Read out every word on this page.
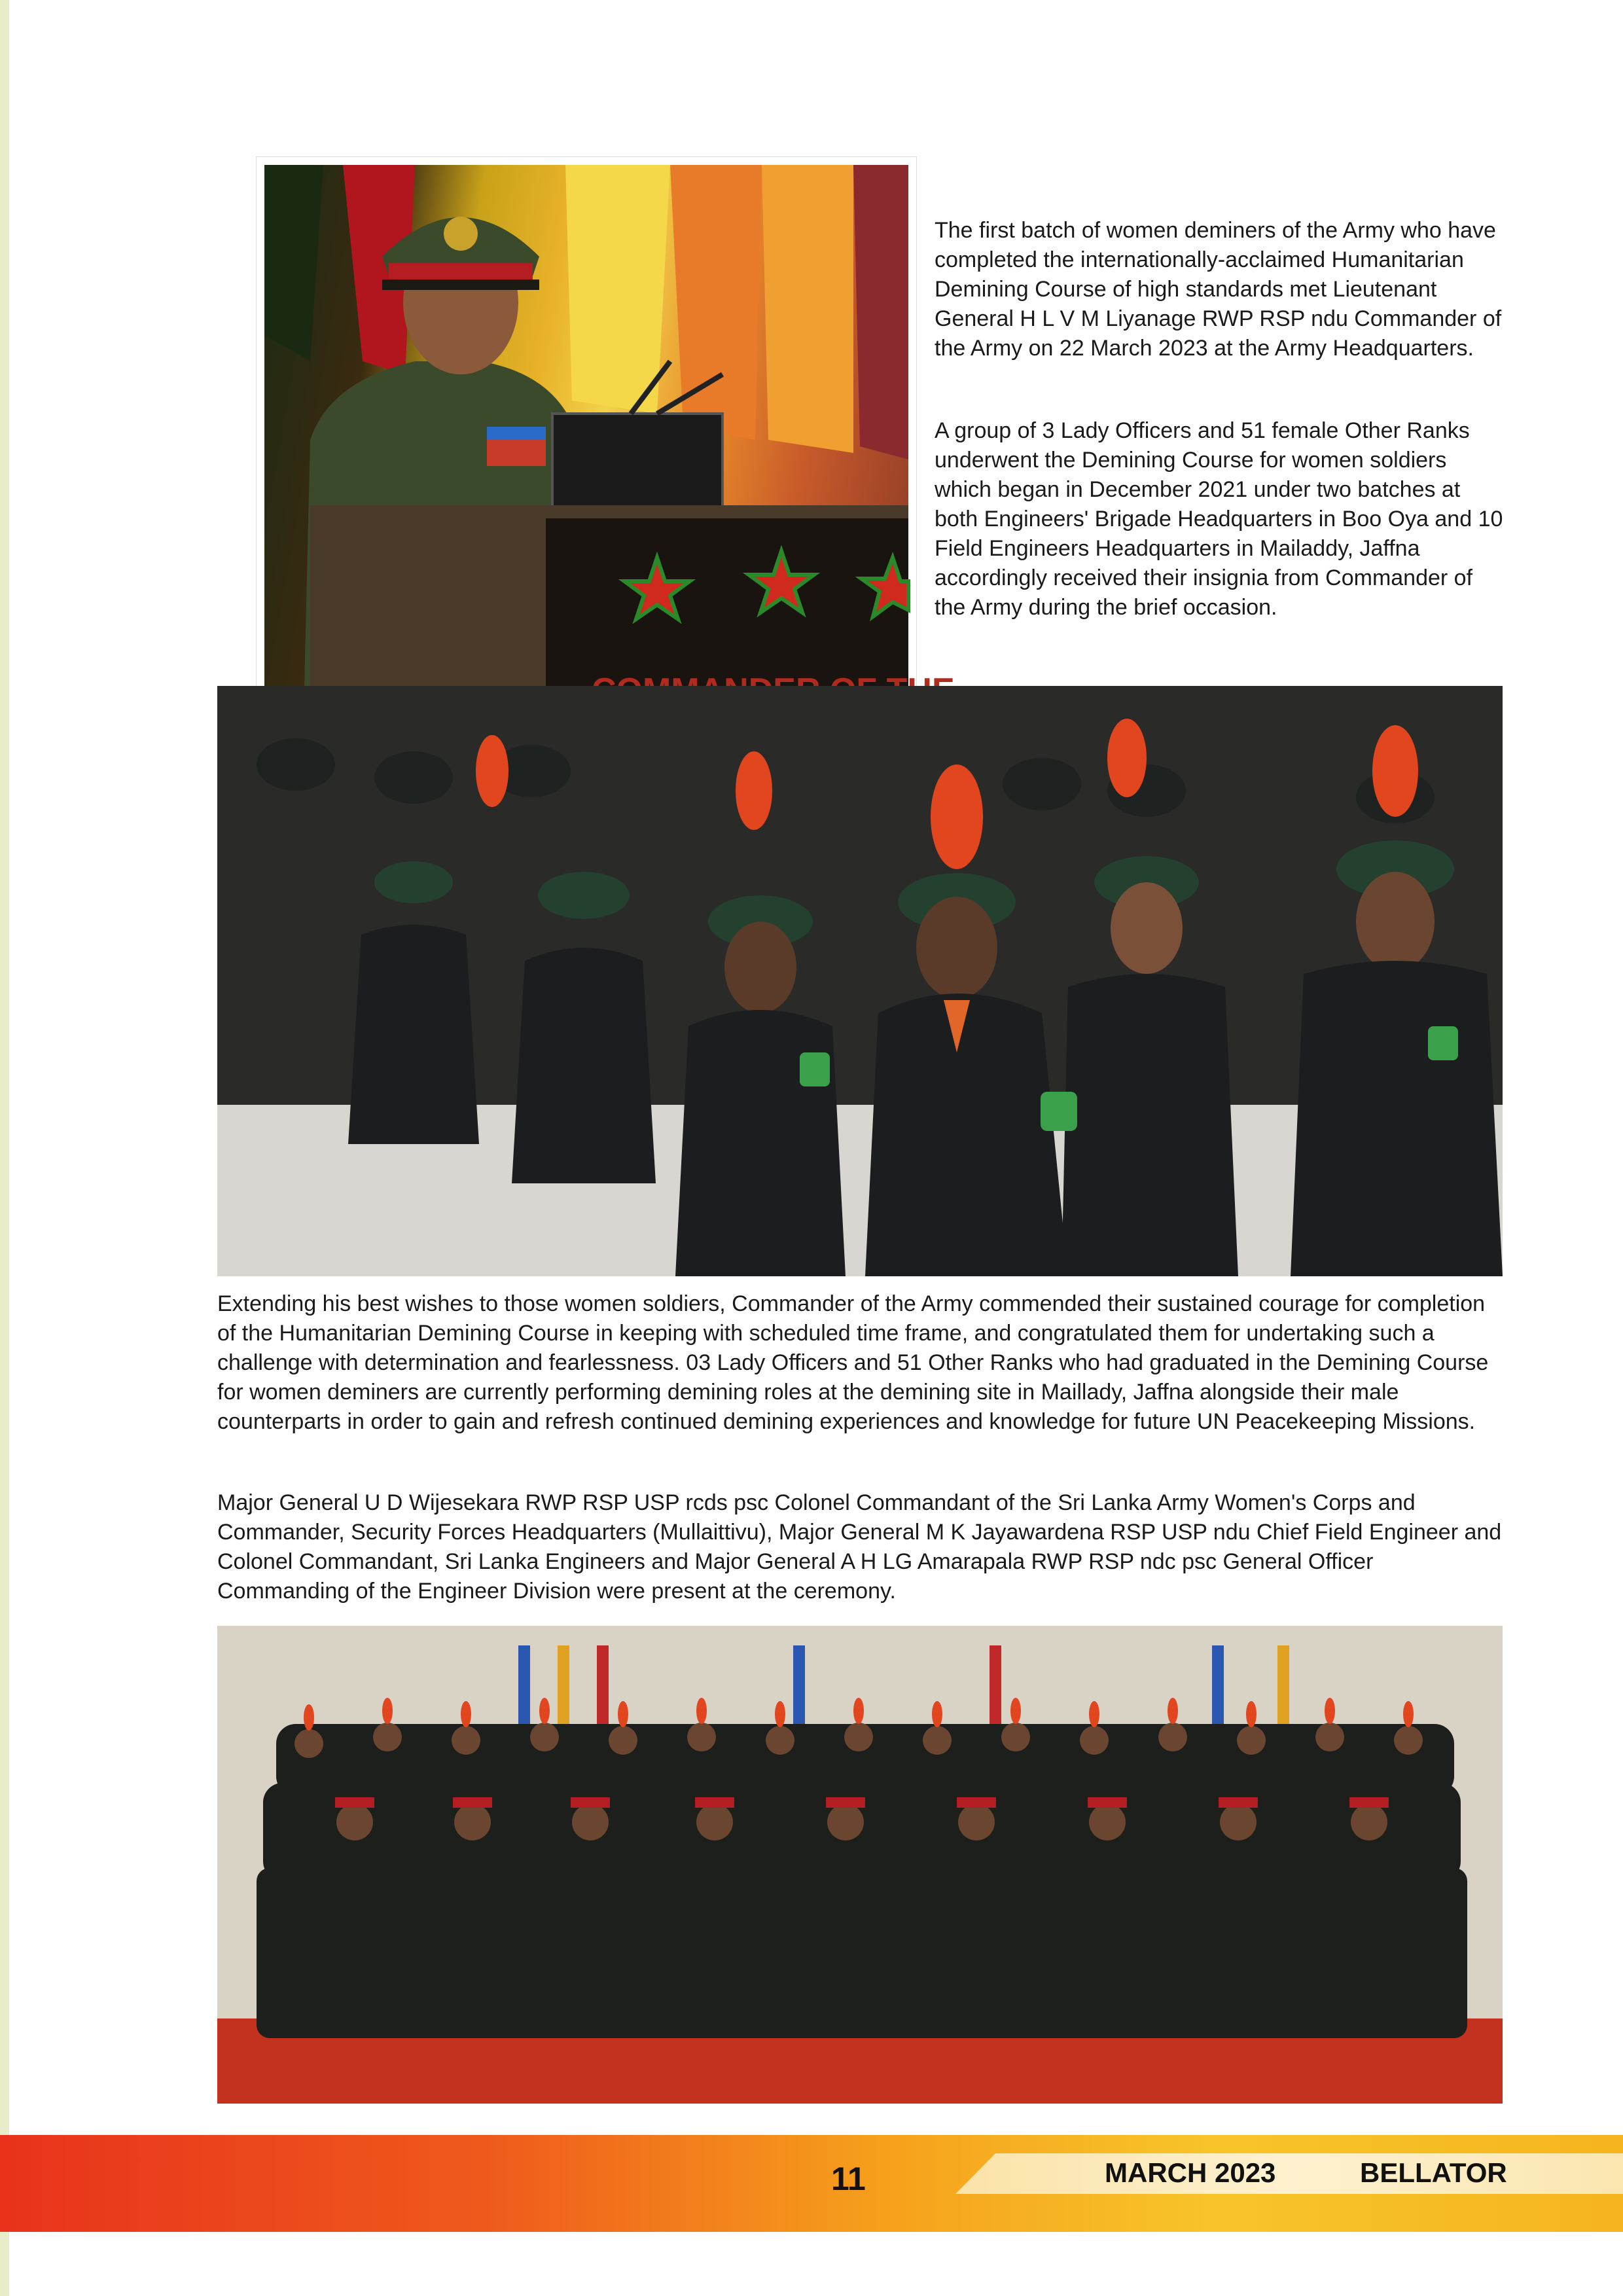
The first batch of women deminers of the Army who have completed the internationally-acclaimed Humanitarian Demining Course of high standards met Lieutenant General H L V M Liyanage RWP RSP ndu Commander of the Army on 22 March 2023 at the Army Headquarters.

A group of 3 Lady Officers and 51 female Other Ranks underwent the Demining Course for women soldiers which began in December 2021 under two batches at both Engineers' Brigade Headquarters in Boo Oya and 10 Field Engineers Headquarters in Mailaddy, Jaffna accordingly received their insignia from Commander of the Army during the brief occasion.

Extending his best wishes to those women soldiers, Commander of the Army commended their sustained courage for completion of the Humanitarian Demining Course in keeping with scheduled time frame, and congratulated them for undertaking such a challenge with determination and fearlessness. 03 Lady Officers and 51 Other Ranks who had graduated in the Demining Course for women deminers are currently performing demining roles at the demining site in Maillady, Jaffna alongside their male counterparts in order to gain and refresh continued demining experiences and knowledge for future UN Peacekeeping Missions.

Major General U D Wijesekara RWP RSP USP rcds psc Colonel Commandant of the Sri Lanka Army Women's Corps and Commander, Security Forces Headquarters (Mullaittivu), Major General M K Jayawardena RSP USP ndu Chief Field Engineer and Colonel Commandant, Sri Lanka Engineers and Major General A H LG Amarapala RWP RSP ndc psc General Officer Commanding of the Engineer Division were present at the ceremony.

11	MARCH 2023	BELLATOR
